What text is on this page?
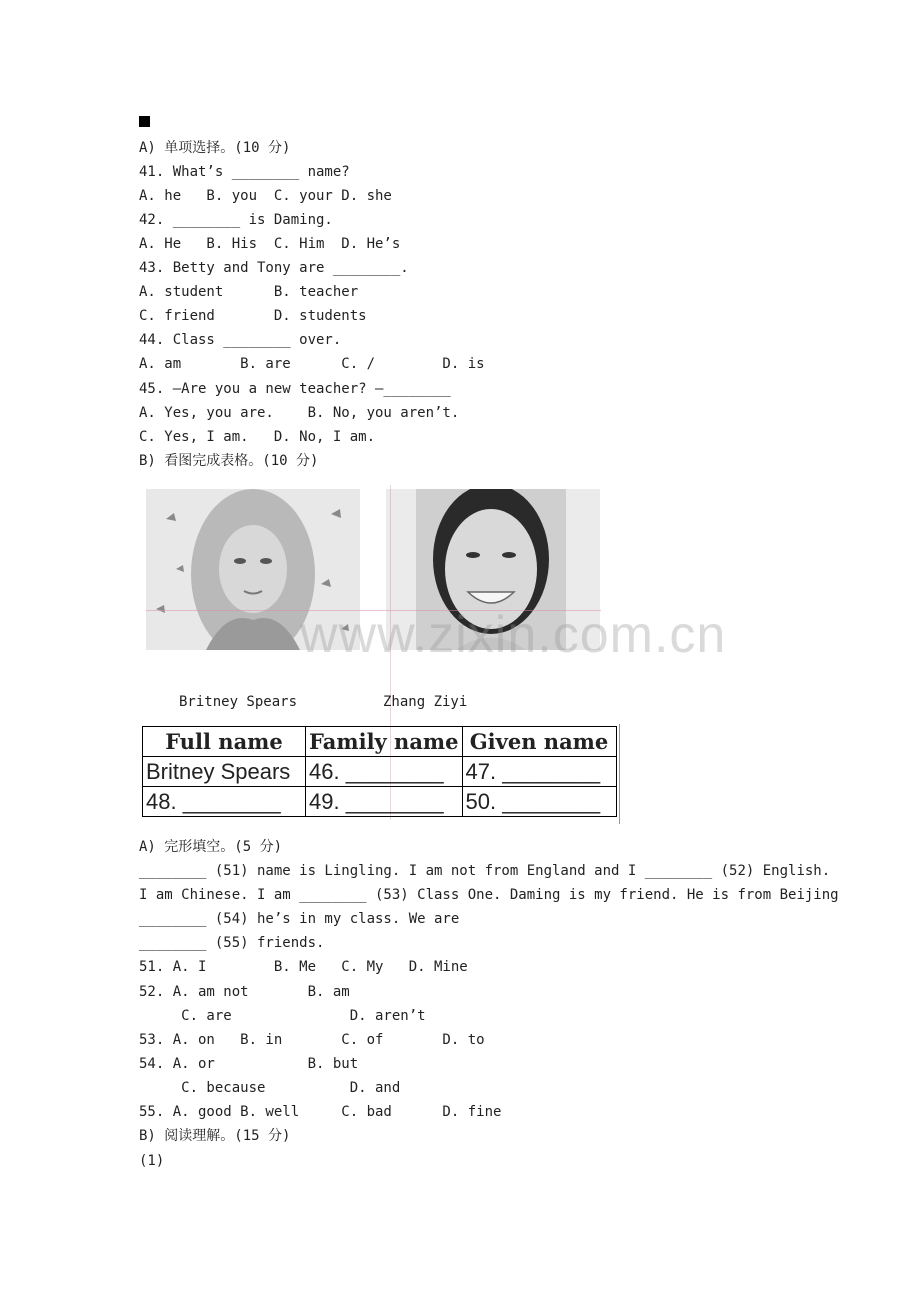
A) 单项选择。(10 分)
41. What’s ________ name?
A. he   B. you  C. your D. she
42. ________ is Daming.
A. He   B. His  C. Him  D. He’s
43. Betty and Tony are ________.
A. student      B. teacher
C. friend       D. students
44. Class ________ over.
A. am       B. are      C. /        D. is
45. —Are you a new teacher? —________
A. Yes, you are.    B. No, you aren’t.
C. Yes, I am.   D. No, I am.
B) 看图完成表格。(10 分)
www.zixin.com.cn
Britney Spears	Zhang Ziyi
Full name	Family name	Given name
Britney Spears	46. ________	47. ________
48. ________	49. ________	50. ________
A) 完形填空。(5 分)
________ (51) name is Lingling. I am not from England and I ________ (52) English.
I am Chinese. I am ________ (53) Class One. Daming is my friend. He is from Beijing
________ (54) he’s in my class. We are
________ (55) friends.
51. A. I        B. Me   C. My   D. Mine
52. A. am not       B. am
C. are              D. aren’t
53. A. on   B. in       C. of       D. to
54. A. or           B. but
C. because          D. and
55. A. good B. well     C. bad      D. fine
B) 阅读理解。(15 分)
(1)
